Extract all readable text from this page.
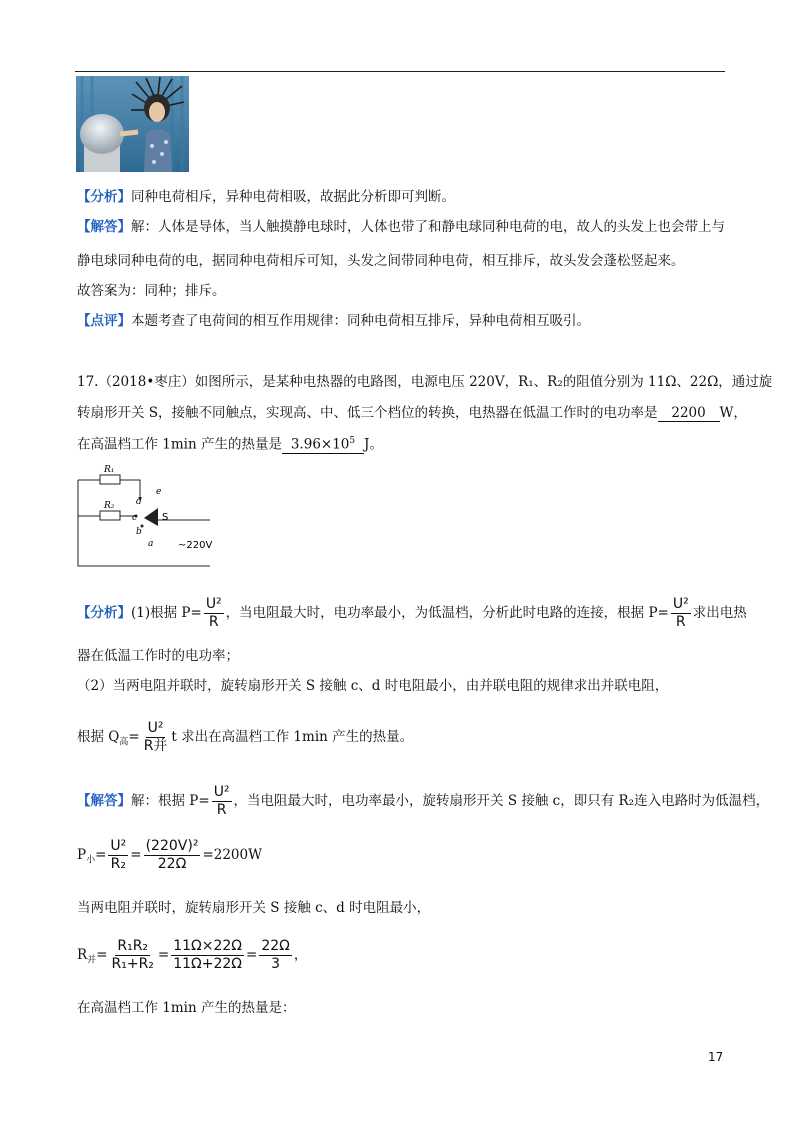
【分析】同种电荷相斥，异种电荷相吸，故据此分析即可判断。
【解答】解：人体是导体，当人触摸静电球时，人体也带了和静电球同种电荷的电，故人的头发上也会带上与
静电球同种电荷的电，据同种电荷相斥可知，头发之间带同种电荷，相互排斥，故头发会蓬松竖起来。
故答案为：同种；排斥。
【点评】本题考查了电荷间的相互作用规律：同种电荷相互排斥，异种电荷相互吸引。
17.（2018•枣庄）如图所示，是某种电热器的电路图，电源电压 220V，R₁、R₂的阻值分别为 11Ω、22Ω，通过旋
转扇形开关 S，接触不同触点，实现高、中、低三个档位的转换，电热器在低温工作时的电功率是 2200 W，
在高温档工作 1min 产生的热量是 $3.96\times 10^5$ J。
R₁
R₂
e
d
c
b
a
S
~220V
【分析】(1)根据 $P= \frac{\text{U²}}{R}$ ，当电阻最大时，电功率最小，为低温档，分析此时电路的连接，根据 $P= \frac{\text{U²}}{R}$ 求出电热
器在低温工作时的电功率；
（2）当两电阻并联时，旋转扇形开关 S 接触 c、d 时电阻最小，由并联电阻的规律求出并联电阻，
根据 $Q_高= \frac{\text{U²}}{\text{R并}}$ t 求出在高温档工作 1min 产生的热量。
【解答】解：根据 $P= \frac{\text{U²}}{R}$ ，当电阻最大时，电功率最小，旋转扇形开关 S 接触 c，即只有 R₂连入电路时为低温档，
$P_小= \frac{\text{U²}}{\text{R₂}} = \frac{\text{(220V)²}}{22\Omega} =2200W$
当两电阻并联时，旋转扇形开关 S 接触 c、d 时电阻最小，
$R_并= \frac{\text{R₁R₂}}{\text{R₁+R₂}} = \frac{11\Omega\times 22\Omega}{11\Omega+22\Omega} = \frac{22\Omega}{3}$ ，
在高温档工作 1min 产生的热量是：
17
